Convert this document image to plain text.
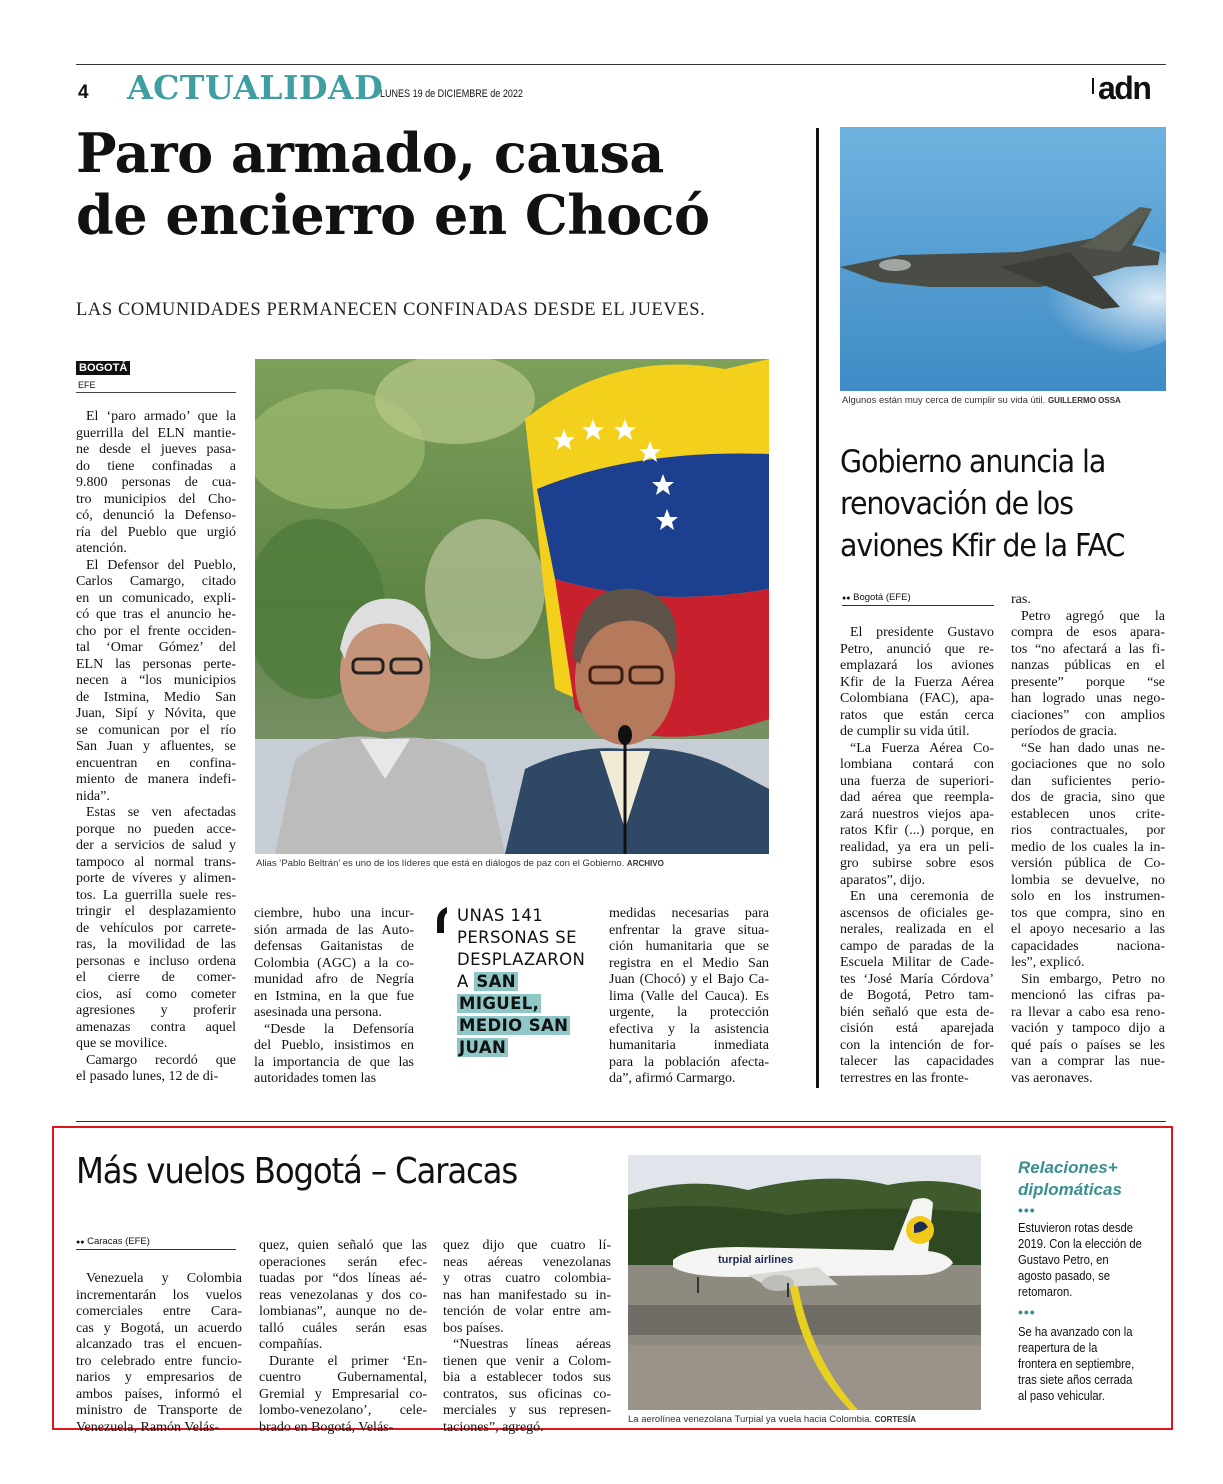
4 ACTUALIDAD
LUNES 19 de DICIEMBRE de 2022	adn
Paro armado, causa
de encierro en Chocó
LAS COMUNIDADES PERMANECEN CONFINADAS DESDE EL JUEVES.
BOGOTÁ
EFE
El ‘paro armado’ que la
guerrilla del ELN mantie-
ne desde el jueves pasa-
do tiene confinadas a
9.800 personas de cua-
tro municipios del Cho-
có, denunció la Defenso-
ría del Pueblo que urgió
atención.
El Defensor del Pueblo,
Carlos Camargo, citado
en un comunicado, expli-
có que tras el anuncio he-
cho por el frente occiden-
tal ‘Omar Gómez’ del
ELN las personas perte-
necen a “los municipios
de Istmina, Medio San
Juan, Sipí y Nóvita, que
se comunican por el río
San Juan y afluentes, se
encuentran en confina-
miento de manera indefi-
nida”.
Estas se ven afectadas
porque no pueden acce-
der a servicios de salud y
tampoco al normal trans-
porte de víveres y alimen-
tos. La guerrilla suele res-
tringir el desplazamiento
de vehículos por carrete-
ras, la movilidad de las
personas e incluso ordena
el cierre de comer-
cios, así como cometer
agresiones y proferir
amenazas contra aquel
que se movilice.
Camargo recordó que
el pasado lunes, 12 de di-
ciembre, hubo una incur-
sión armada de las Auto-
defensas Gaitanistas de
Colombia (AGC) a la co-
munidad afro de Negría
en Istmina, en la que fue
asesinada una persona.
“Desde la Defensoría
del Pueblo, insistimos en
la importancia de que las
autoridades tomen las
medidas necesarias para
enfrentar la grave situa-
ción humanitaria que se
registra en el Medio San
Juan (Chocó) y el Bajo Ca-
lima (Valle del Cauca). Es
urgente, la protección
efectiva y la asistencia
humanitaria inmediata
para la población afecta-
da”, afirmó Carmargo.
Alias ‘Pablo Beltrán’ es uno de los líderes que está en diálogos de paz con el Gobierno. ARCHIVO
UNAS 141
PERSONAS SE
DESPLAZARON
A SAN
MIGUEL,
MEDIO SAN
JUAN
Algunos están muy cerca de cumplir su vida útil. GUILLERMO OSSA
Gobierno anuncia la
renovación de los
aviones Kfir de la FAC
●● Bogotá (EFE)
El presidente Gustavo
Petro, anunció que re-
emplazará los aviones
Kfir de la Fuerza Aérea
Colombiana (FAC), apa-
ratos que están cerca
de cumplir su vida útil.
“La Fuerza Aérea Co-
lombiana contará con
una fuerza de superiori-
dad aérea que reempla-
zará nuestros viejos apa-
ratos Kfir (...) porque, en
realidad, ya era un peli-
gro subirse sobre esos
aparatos”, dijo.
En una ceremonia de
ascensos de oficiales ge-
nerales, realizada en el
campo de paradas de la
Escuela Militar de Cade-
tes ‘José María Córdova’
de Bogotá, Petro tam-
bién señaló que esta de-
cisión está aparejada
con la intención de for-
talecer las capacidades
terrestres en las fronte-
ras.
Petro agregó que la
compra de esos apara-
tos “no afectará a las fi-
nanzas públicas en el
presente” porque “se
han logrado unas nego-
ciaciones” con amplios
períodos de gracia.
“Se han dado unas ne-
gociaciones que no solo
dan suficientes perio-
dos de gracia, sino que
establecen unos crite-
rios contractuales, por
medio de los cuales la in-
versión pública de Co-
lombia se devuelve, no
solo en los instrumen-
tos que compra, sino en
el apoyo necesario a las
capacidades naciona-
les”, explicó.
Sin embargo, Petro no
mencionó las cifras pa-
ra llevar a cabo esa reno-
vación y tampoco dijo a
qué país o países se les
van a comprar las nue-
vas aeronaves.
Más vuelos Bogotá – Caracas
●● Caracas (EFE)
Venezuela y Colombia
incrementarán los vuelos
comerciales entre Cara-
cas y Bogotá, un acuerdo
alcanzado tras el encuen-
tro celebrado entre funcio-
narios y empresarios de
ambos países, informó el
ministro de Transporte de
Venezuela, Ramón Velás-
quez, quien señaló que las
operaciones serán efec-
tuadas por “dos líneas aé-
reas venezolanas y dos co-
lombianas”, aunque no de-
talló cuáles serán esas
compañías.
Durante el primer ‘En-
cuentro Gubernamental,
Gremial y Empresarial co-
lombo-venezolano’, cele-
brado en Bogotá, Velás-
quez dijo que cuatro lí-
neas aéreas venezolanas
y otras cuatro colombia-
nas han manifestado su in-
tención de volar entre am-
bos países.
“Nuestras líneas aéreas
tienen que venir a Colom-
bia a establecer todos sus
contratos, sus oficinas co-
merciales y sus represen-
taciones”, agregó.
turpial airlines
La aerolínea venezolana Turpial ya vuela hacia Colombia. CORTESÍA
Relaciones+
diplomáticas
•••
Estuvieron rotas desde
2019. Con la elección de
Gustavo Petro, en
agosto pasado, se
retomaron.
•••
Se ha avanzado con la
reapertura de la
frontera en septiembre,
tras siete años cerrada
al paso vehicular.
